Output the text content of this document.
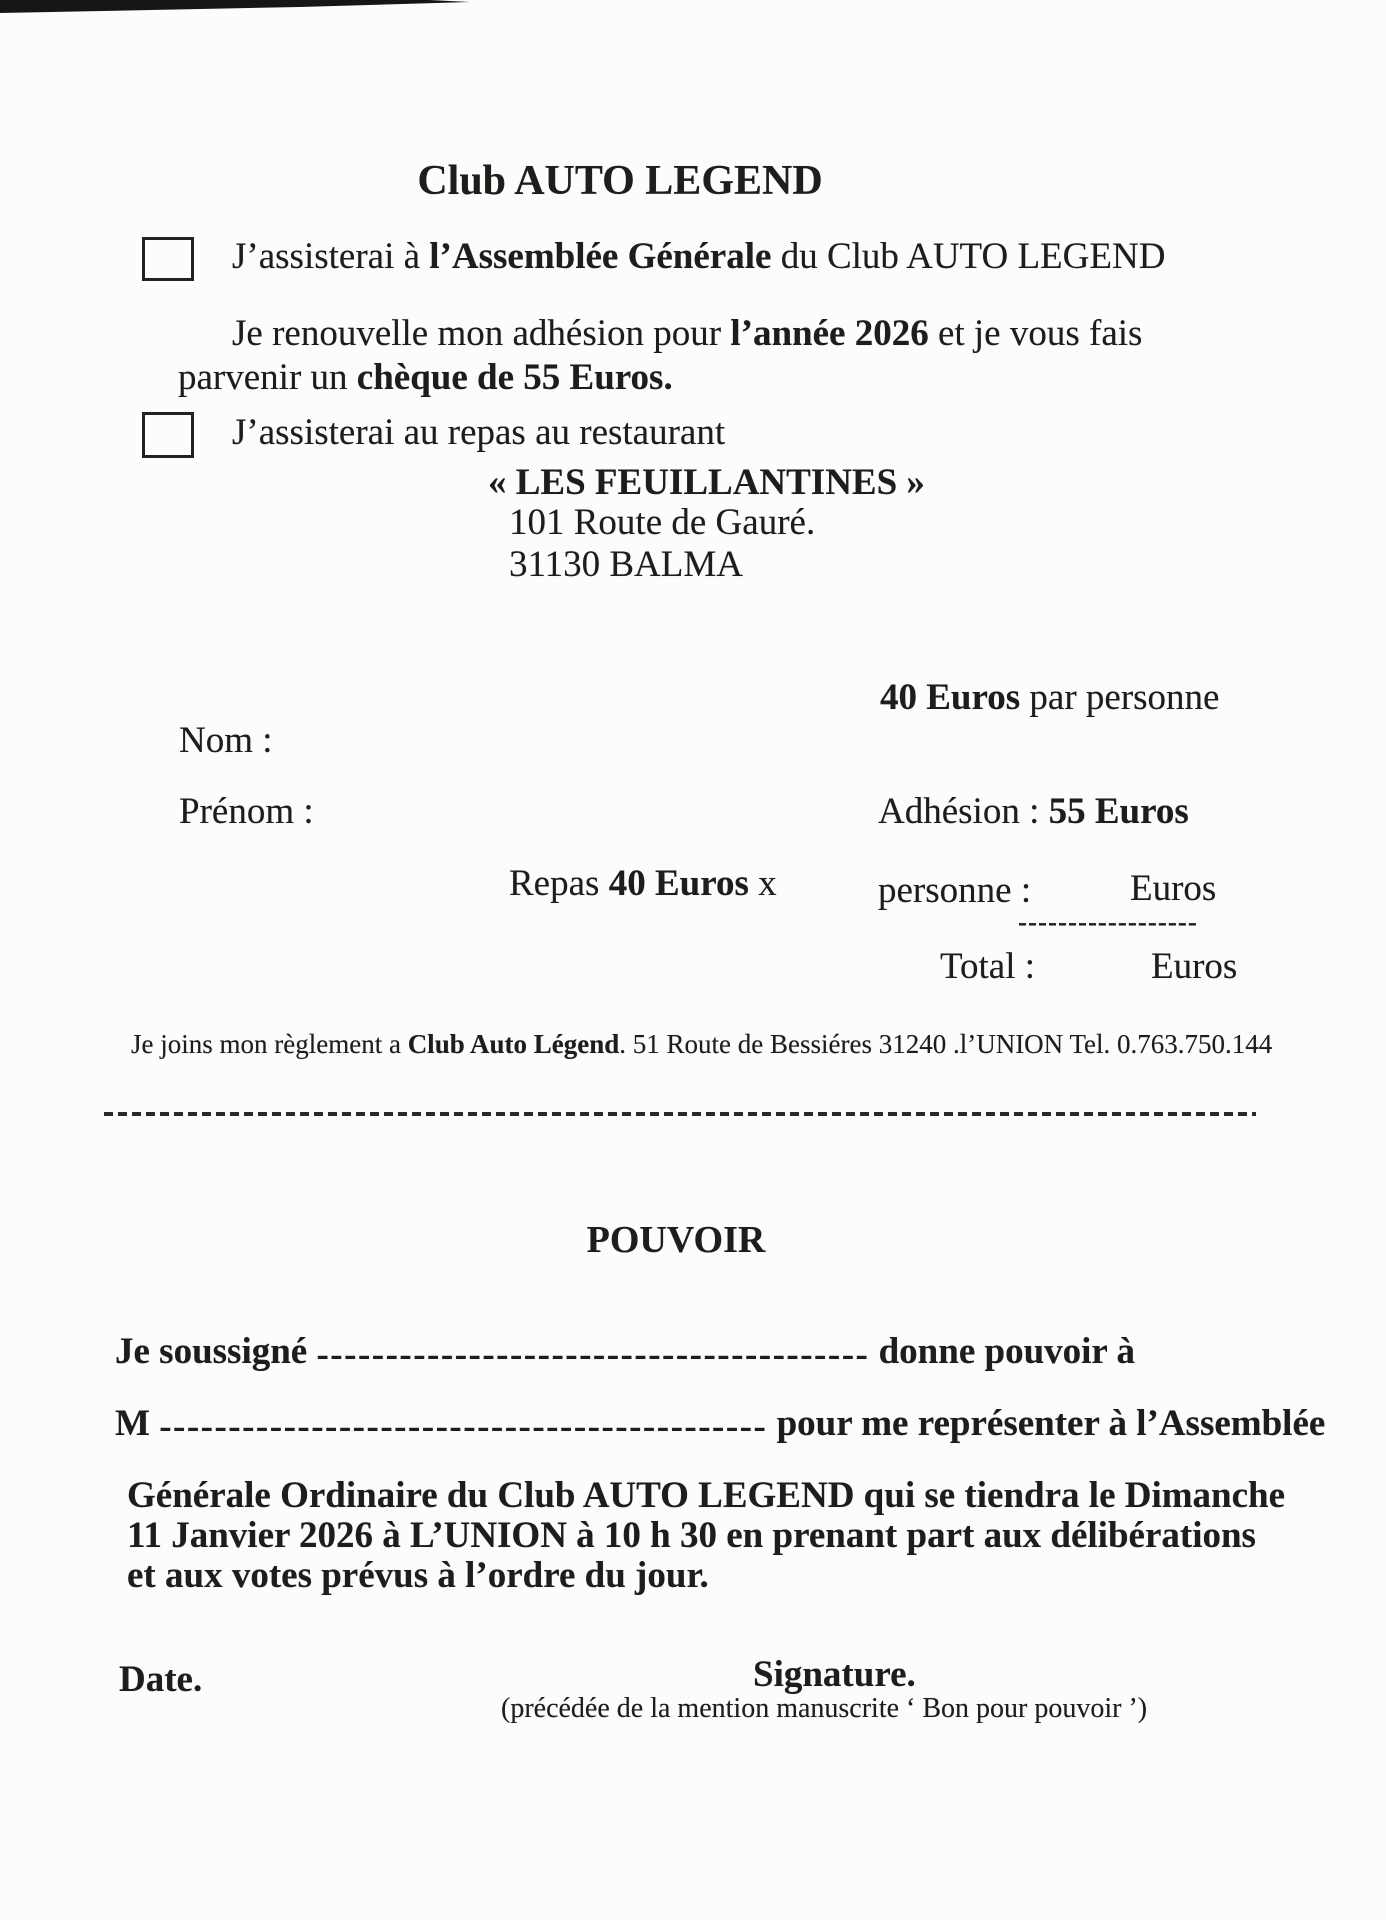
Club AUTO LEGEND
J’assisterai à l’Assemblée Générale du Club AUTO LEGEND
Je renouvelle mon adhésion pour l’année 2026 et je vous fais
parvenir un chèque de 55 Euros.
J’assisterai au repas au restaurant
« LES FEUILLANTINES »
101 Route de Gauré.
31130 BALMA
40 Euros par personne
Nom :
Prénom :	Adhésion : 55 Euros
Repas 40 Euros x	personne :	Euros
------------------
Total :	Euros
Je joins mon règlement a Club Auto Légend. 51 Route de Bessiéres 31240 .l’UNION Tel. 0.763.750.144
POUVOIR
Je soussigné ---------------------------------------- donne pouvoir à
M -------------------------------------------- pour me représenter à l’Assemblée
Générale Ordinaire du Club AUTO LEGEND qui se tiendra le Dimanche
11 Janvier 2026 à L’UNION à 10 h 30 en prenant part aux délibérations
et aux votes prévus à l’ordre du jour.
Date.	Signature.
(précédée de la mention manuscrite ‘ Bon pour pouvoir ’)
